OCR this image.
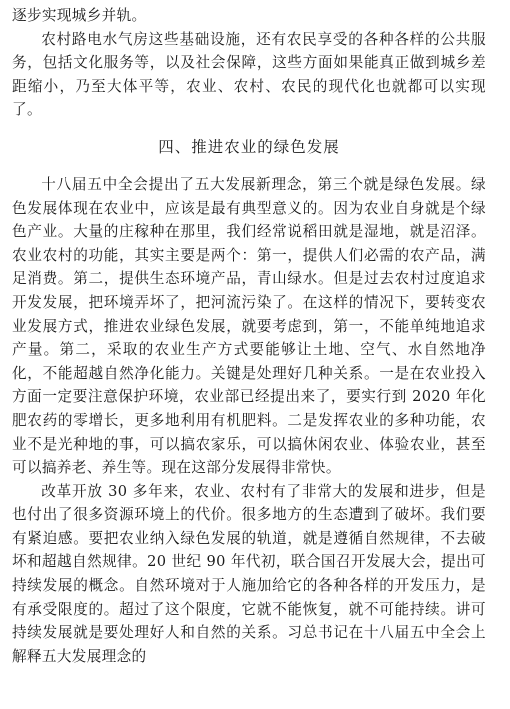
逐步实现城乡并轨。

农村路电水气房这些基础设施，还有农民享受的各种各样的公共服务，包括文化服务等，以及社会保障，这些方面如果能真正做到城乡差距缩小，乃至大体平等，农业、农村、农民的现代化也就都可以实现了。

四、推进农业的绿色发展

十八届五中全会提出了五大发展新理念，第三个就是绿色发展。绿色发展体现在农业中，应该是最有典型意义的。因为农业自身就是个绿色产业。大量的庄稼种在那里，我们经常说稻田就是湿地，就是沼泽。农业农村的功能，其实主要是两个：第一，提供人们必需的农产品，满足消费。第二，提供生态环境产品，青山绿水。但是过去农村过度追求开发发展，把环境弄坏了，把河流污染了。在这样的情况下，要转变农业发展方式，推进农业绿色发展，就要考虑到，第一，不能单纯地追求产量。第二，采取的农业生产方式要能够让土地、空气、水自然地净化，不能超越自然净化能力。关键是处理好几种关系。一是在农业投入方面一定要注意保护环境，农业部已经提出来了，要实行到 2020 年化肥农药的零增长，更多地利用有机肥料。二是发挥农业的多种功能，农业不是光种地的事，可以搞农家乐，可以搞休闲农业、体验农业，甚至可以搞养老、养生等。现在这部分发展得非常快。

改革开放 30 多年来，农业、农村有了非常大的发展和进步，但是也付出了很多资源环境上的代价。很多地方的生态遭到了破坏。我们要有紧迫感。要把农业纳入绿色发展的轨道，就是遵循自然规律，不去破坏和超越自然规律。20 世纪 90 年代初，联合国召开发展大会，提出可持续发展的概念。自然环境对于人施加给它的各种各样的开发压力，是有承受限度的。超过了这个限度，它就不能恢复，就不可能持续。讲可持续发展就是要处理好人和自然的关系。习总书记在十八届五中全会上解释五大发展理念的
